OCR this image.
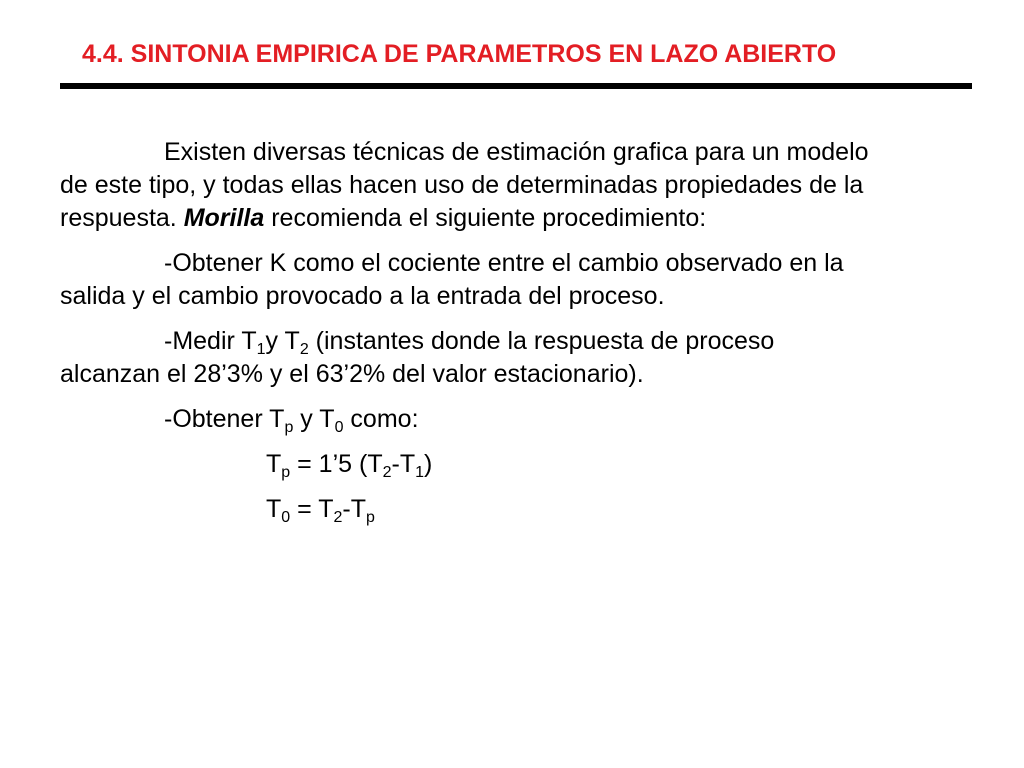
4.4. SINTONIA EMPIRICA DE PARAMETROS EN LAZO ABIERTO

Existen diversas técnicas de estimación grafica para un modelo
de este tipo, y todas ellas hacen uso de determinadas propiedades de la
respuesta. Morilla recomienda el siguiente procedimiento:

-Obtener K como el cociente entre el cambio observado en la
salida y el cambio provocado a la entrada del proceso.

-Medir $T_1y$ $T_2$ (instantes donde la respuesta de proceso
alcanzan el 28’3% y el 63’2% del valor estacionario).

-Obtener $T_p$ y $T_0$ como:

$T_p$ = 1’5 $(T_2-T_1)$

$T_0 = T_2-T_p$
